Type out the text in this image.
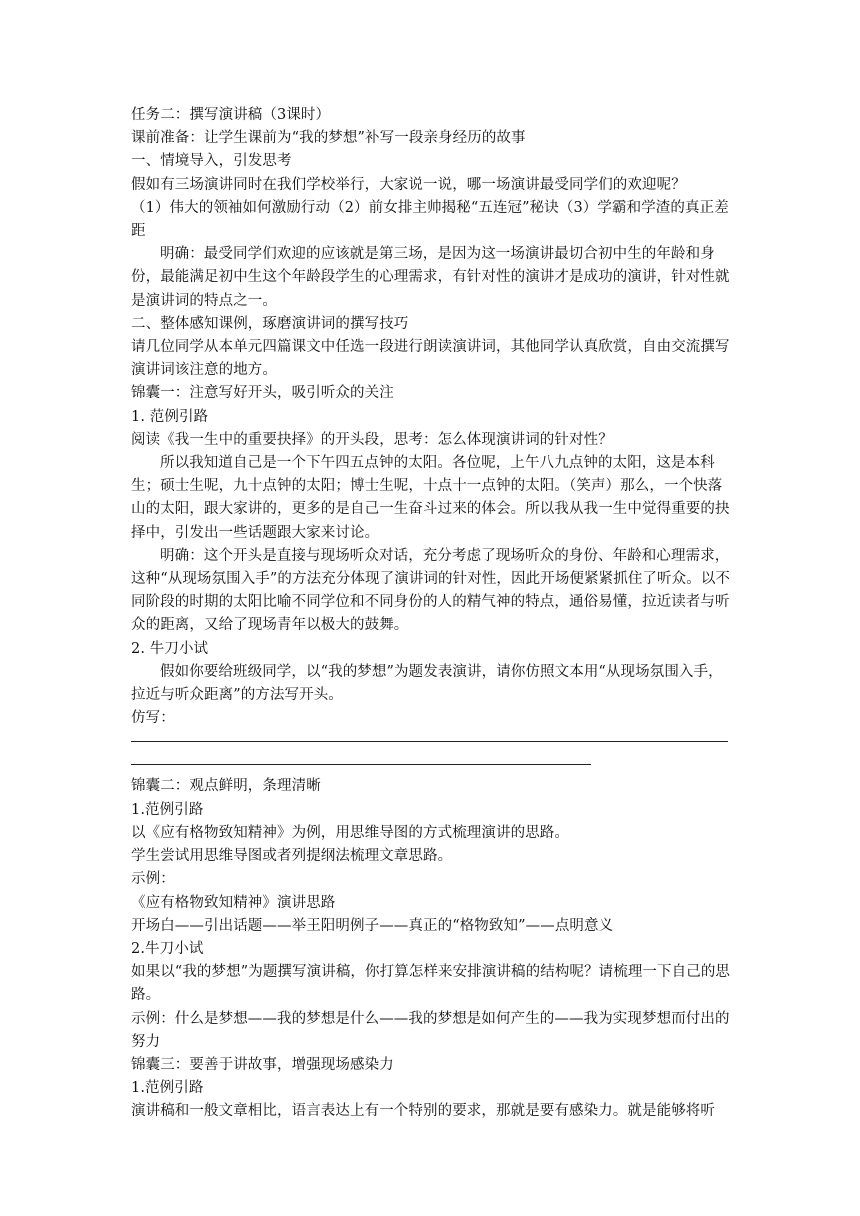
任务二：撰写演讲稿（3课时）

课前准备：让学生课前为“我的梦想”补写一段亲身经历的故事

一、情境导入，引发思考

假如有三场演讲同时在我们学校举行，大家说一说，哪一场演讲最受同学们的欢迎呢？

（1）伟大的领袖如何激励行动（2）前女排主帅揭秘“五连冠”秘诀（3）学霸和学渣的真正差距

明确：最受同学们欢迎的应该就是第三场，是因为这一场演讲最切合初中生的年龄和身份，最能满足初中生这个年龄段学生的心理需求，有针对性的演讲才是成功的演讲，针对性就是演讲词的特点之一。

二、整体感知课例，琢磨演讲词的撰写技巧

请几位同学从本单元四篇课文中任选一段进行朗读演讲词，其他同学认真欣赏，自由交流撰写演讲词该注意的地方。

锦囊一：注意写好开头，吸引听众的关注

1. 范例引路

阅读《我一生中的重要抉择》的开头段，思考：怎么体现演讲词的针对性？

所以我知道自己是一个下午四五点钟的太阳。各位呢，上午八九点钟的太阳，这是本科生；硕士生呢，九十点钟的太阳；博士生呢，十点十一点钟的太阳。（笑声）那么，一个快落山的太阳，跟大家讲的，更多的是自己一生奋斗过来的体会。所以我从我一生中觉得重要的抉择中，引发出一些话题跟大家来讨论。

明确：这个开头是直接与现场听众对话，充分考虑了现场听众的身份、年龄和心理需求，这种“从现场氛围入手”的方法充分体现了演讲词的针对性，因此开场便紧紧抓住了听众。以不同阶段的时期的太阳比喻不同学位和不同身份的人的精气神的特点，通俗易懂，拉近读者与听众的距离，又给了现场青年以极大的鼓舞。

2. 牛刀小试

假如你要给班级同学，以“我的梦想”为题发表演讲，请你仿照文本用“从现场氛围入手，拉近与听众距离”的方法写开头。

仿写：

锦囊二：观点鲜明，条理清晰

1.范例引路

以《应有格物致知精神》为例，用思维导图的方式梳理演讲的思路。

学生尝试用思维导图或者列提纲法梳理文章思路。

示例：

《应有格物致知精神》演讲思路

开场白——引出话题——举王阳明例子——真正的“格物致知”——点明意义

2.牛刀小试

如果以“我的梦想”为题撰写演讲稿，你打算怎样来安排演讲稿的结构呢？请梳理一下自己的思路。

示例：什么是梦想——我的梦想是什么——我的梦想是如何产生的——我为实现梦想而付出的努力

锦囊三：要善于讲故事，增强现场感染力

1.范例引路

演讲稿和一般文章相比，语言表达上有一个特别的要求，那就是要有感染力。就是能够将听
